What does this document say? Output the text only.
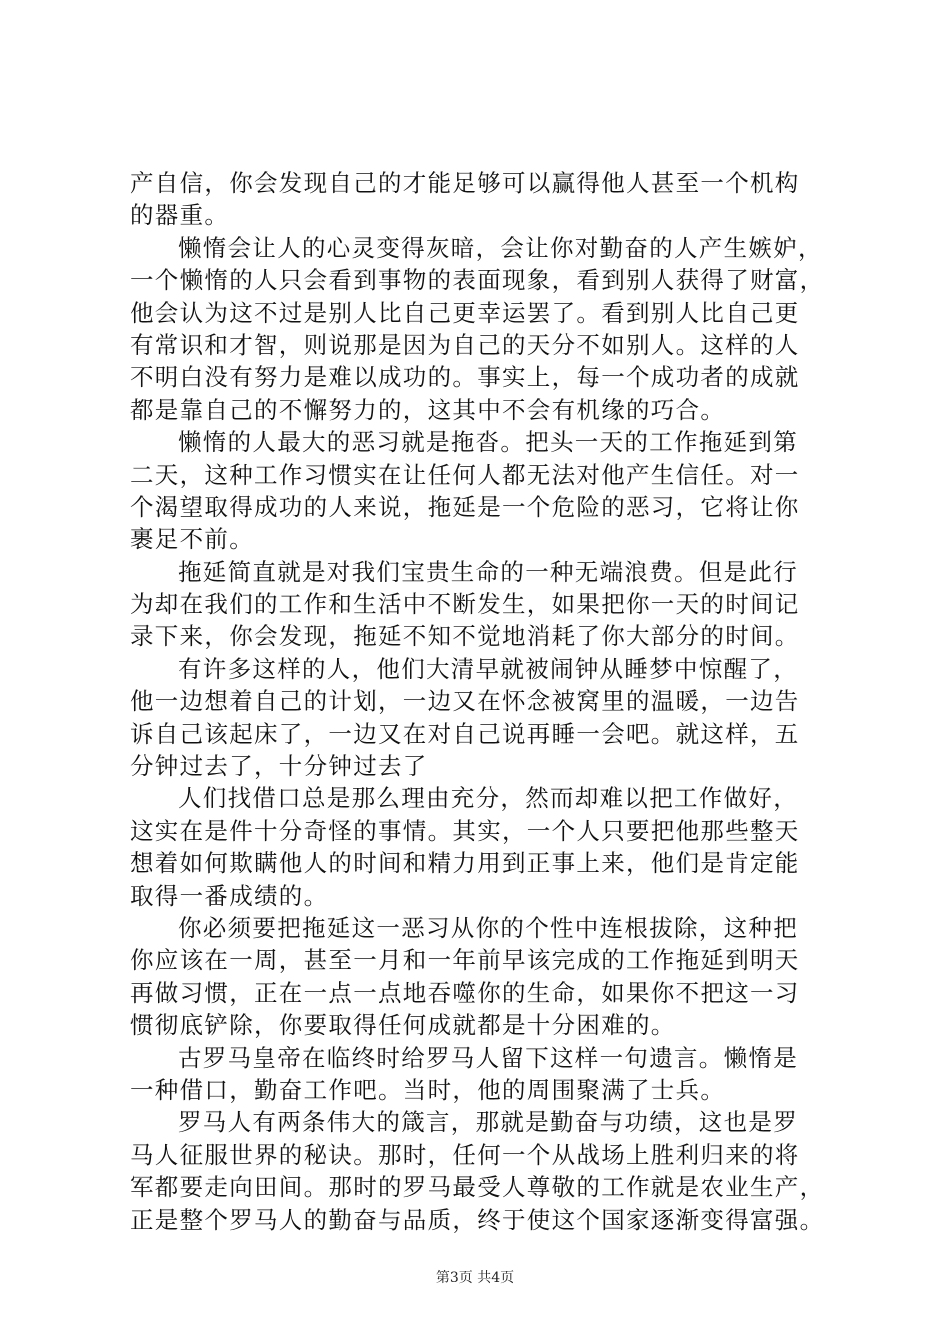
产自信，你会发现自己的才能足够可以赢得他人甚至一个机构
的器重。
懒惰会让人的心灵变得灰暗，会让你对勤奋的人产生嫉妒，
一个懒惰的人只会看到事物的表面现象，看到别人获得了财富，
他会认为这不过是别人比自己更幸运罢了。看到别人比自己更
有常识和才智，则说那是因为自己的天分不如别人。这样的人
不明白没有努力是难以成功的。事实上，每一个成功者的成就
都是靠自己的不懈努力的，这其中不会有机缘的巧合。
懒惰的人最大的恶习就是拖沓。把头一天的工作拖延到第
二天，这种工作习惯实在让任何人都无法对他产生信任。对一
个渴望取得成功的人来说，拖延是一个危险的恶习，它将让你
裹足不前。
拖延简直就是对我们宝贵生命的一种无端浪费。但是此行
为却在我们的工作和生活中不断发生，如果把你一天的时间记
录下来，你会发现，拖延不知不觉地消耗了你大部分的时间。
有许多这样的人，他们大清早就被闹钟从睡梦中惊醒了，
他一边想着自己的计划，一边又在怀念被窝里的温暖，一边告
诉自己该起床了，一边又在对自己说再睡一会吧。就这样，五
分钟过去了，十分钟过去了
人们找借口总是那么理由充分，然而却难以把工作做好，
这实在是件十分奇怪的事情。其实，一个人只要把他那些整天
想着如何欺瞒他人的时间和精力用到正事上来，他们是肯定能
取得一番成绩的。
你必须要把拖延这一恶习从你的个性中连根拔除，这种把
你应该在一周，甚至一月和一年前早该完成的工作拖延到明天
再做习惯，正在一点一点地吞噬你的生命，如果你不把这一习
惯彻底铲除，你要取得任何成就都是十分困难的。
古罗马皇帝在临终时给罗马人留下这样一句遗言。懒惰是
一种借口，勤奋工作吧。当时，他的周围聚满了士兵。
罗马人有两条伟大的箴言，那就是勤奋与功绩，这也是罗
马人征服世界的秘诀。那时，任何一个从战场上胜利归来的将
军都要走向田间。那时的罗马最受人尊敬的工作就是农业生产，
正是整个罗马人的勤奋与品质，终于使这个国家逐渐变得富强。
第3页 共4页
